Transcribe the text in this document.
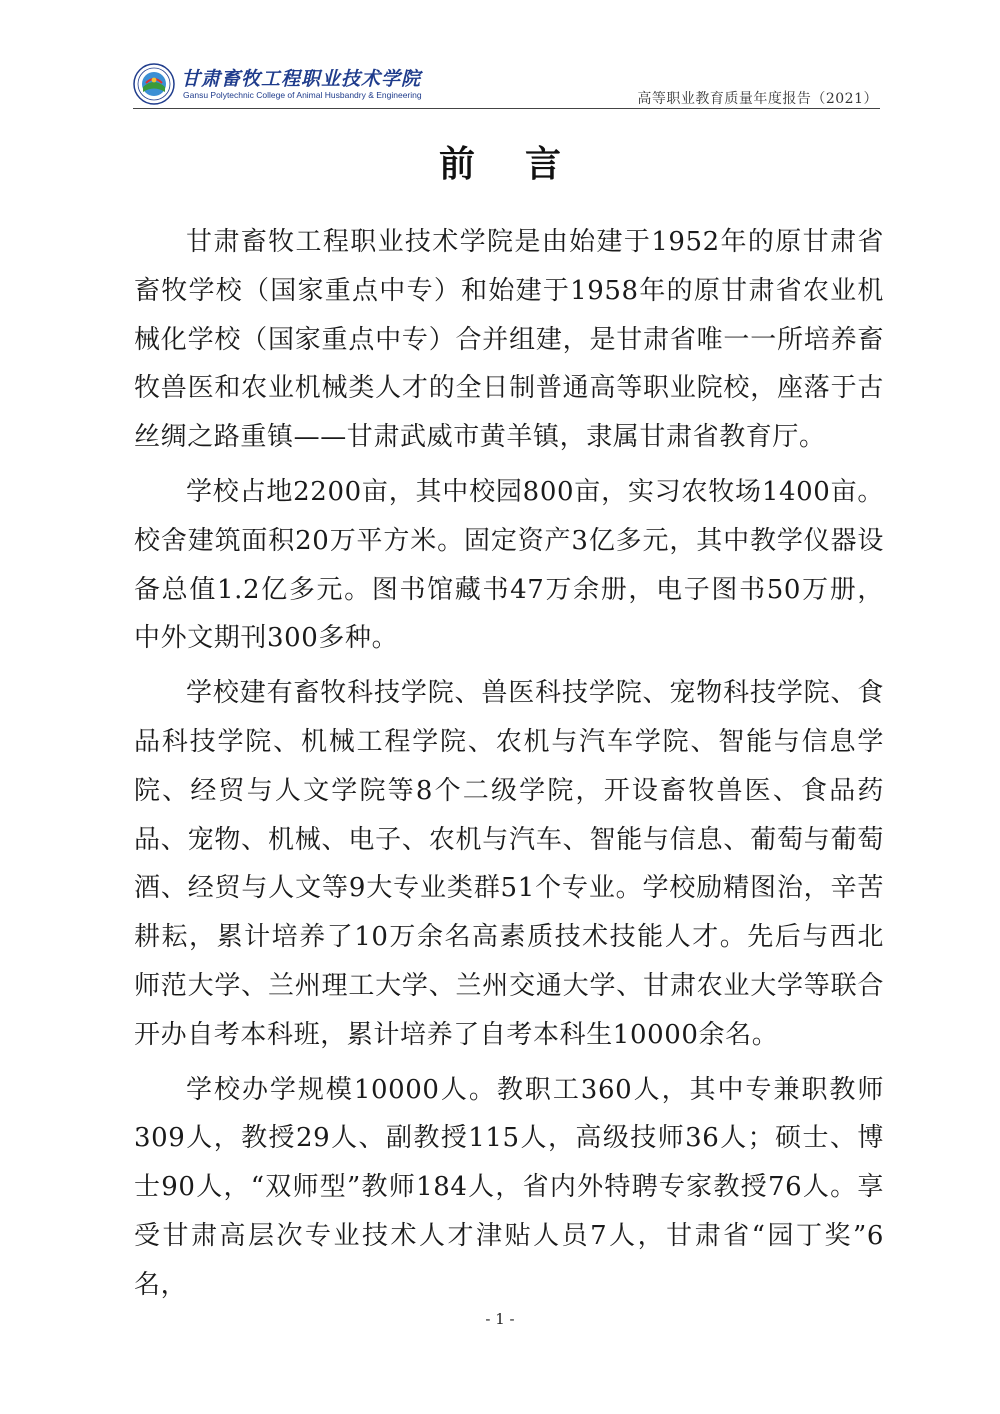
甘肃畜牧工程职业技术学院
Gansu Polytechnic College of Animal Husbandry & Engineering	高等职业教育质量年度报告（2021）
前言

甘肃畜牧工程职业技术学院是由始建于1952年的原甘肃省畜牧学校（国家重点中专）和始建于1958年的原甘肃省农业机械化学校（国家重点中专）合并组建，是甘肃省唯一一所培养畜牧兽医和农业机械类人才的全日制普通高等职业院校，座落于古丝绸之路重镇——甘肃武威市黄羊镇，隶属甘肃省教育厅。

学校占地2200亩，其中校园800亩，实习农牧场1400亩。校舍建筑面积20万平方米。固定资产3亿多元，其中教学仪器设备总值1.2亿多元。图书馆藏书47万余册，电子图书50万册，中外文期刊300多种。

学校建有畜牧科技学院、兽医科技学院、宠物科技学院、食品科技学院、机械工程学院、农机与汽车学院、智能与信息学院、经贸与人文学院等8个二级学院，开设畜牧兽医、食品药品、宠物、机械、电子、农机与汽车、智能与信息、葡萄与葡萄酒、经贸与人文等9大专业类群51个专业。学校励精图治，辛苦耕耘，累计培养了10万余名高素质技术技能人才。先后与西北师范大学、兰州理工大学、兰州交通大学、甘肃农业大学等联合开办自考本科班，累计培养了自考本科生10000余名。

学校办学规模10000人。教职工360人，其中专兼职教师309人，教授29人、副教授115人，高级技师36人；硕士、博士90人，“双师型”教师184人，省内外特聘专家教授76人。享受甘肃高层次专业技术人才津贴人员7人，甘肃省“园丁奖”6名，

- 1 -
